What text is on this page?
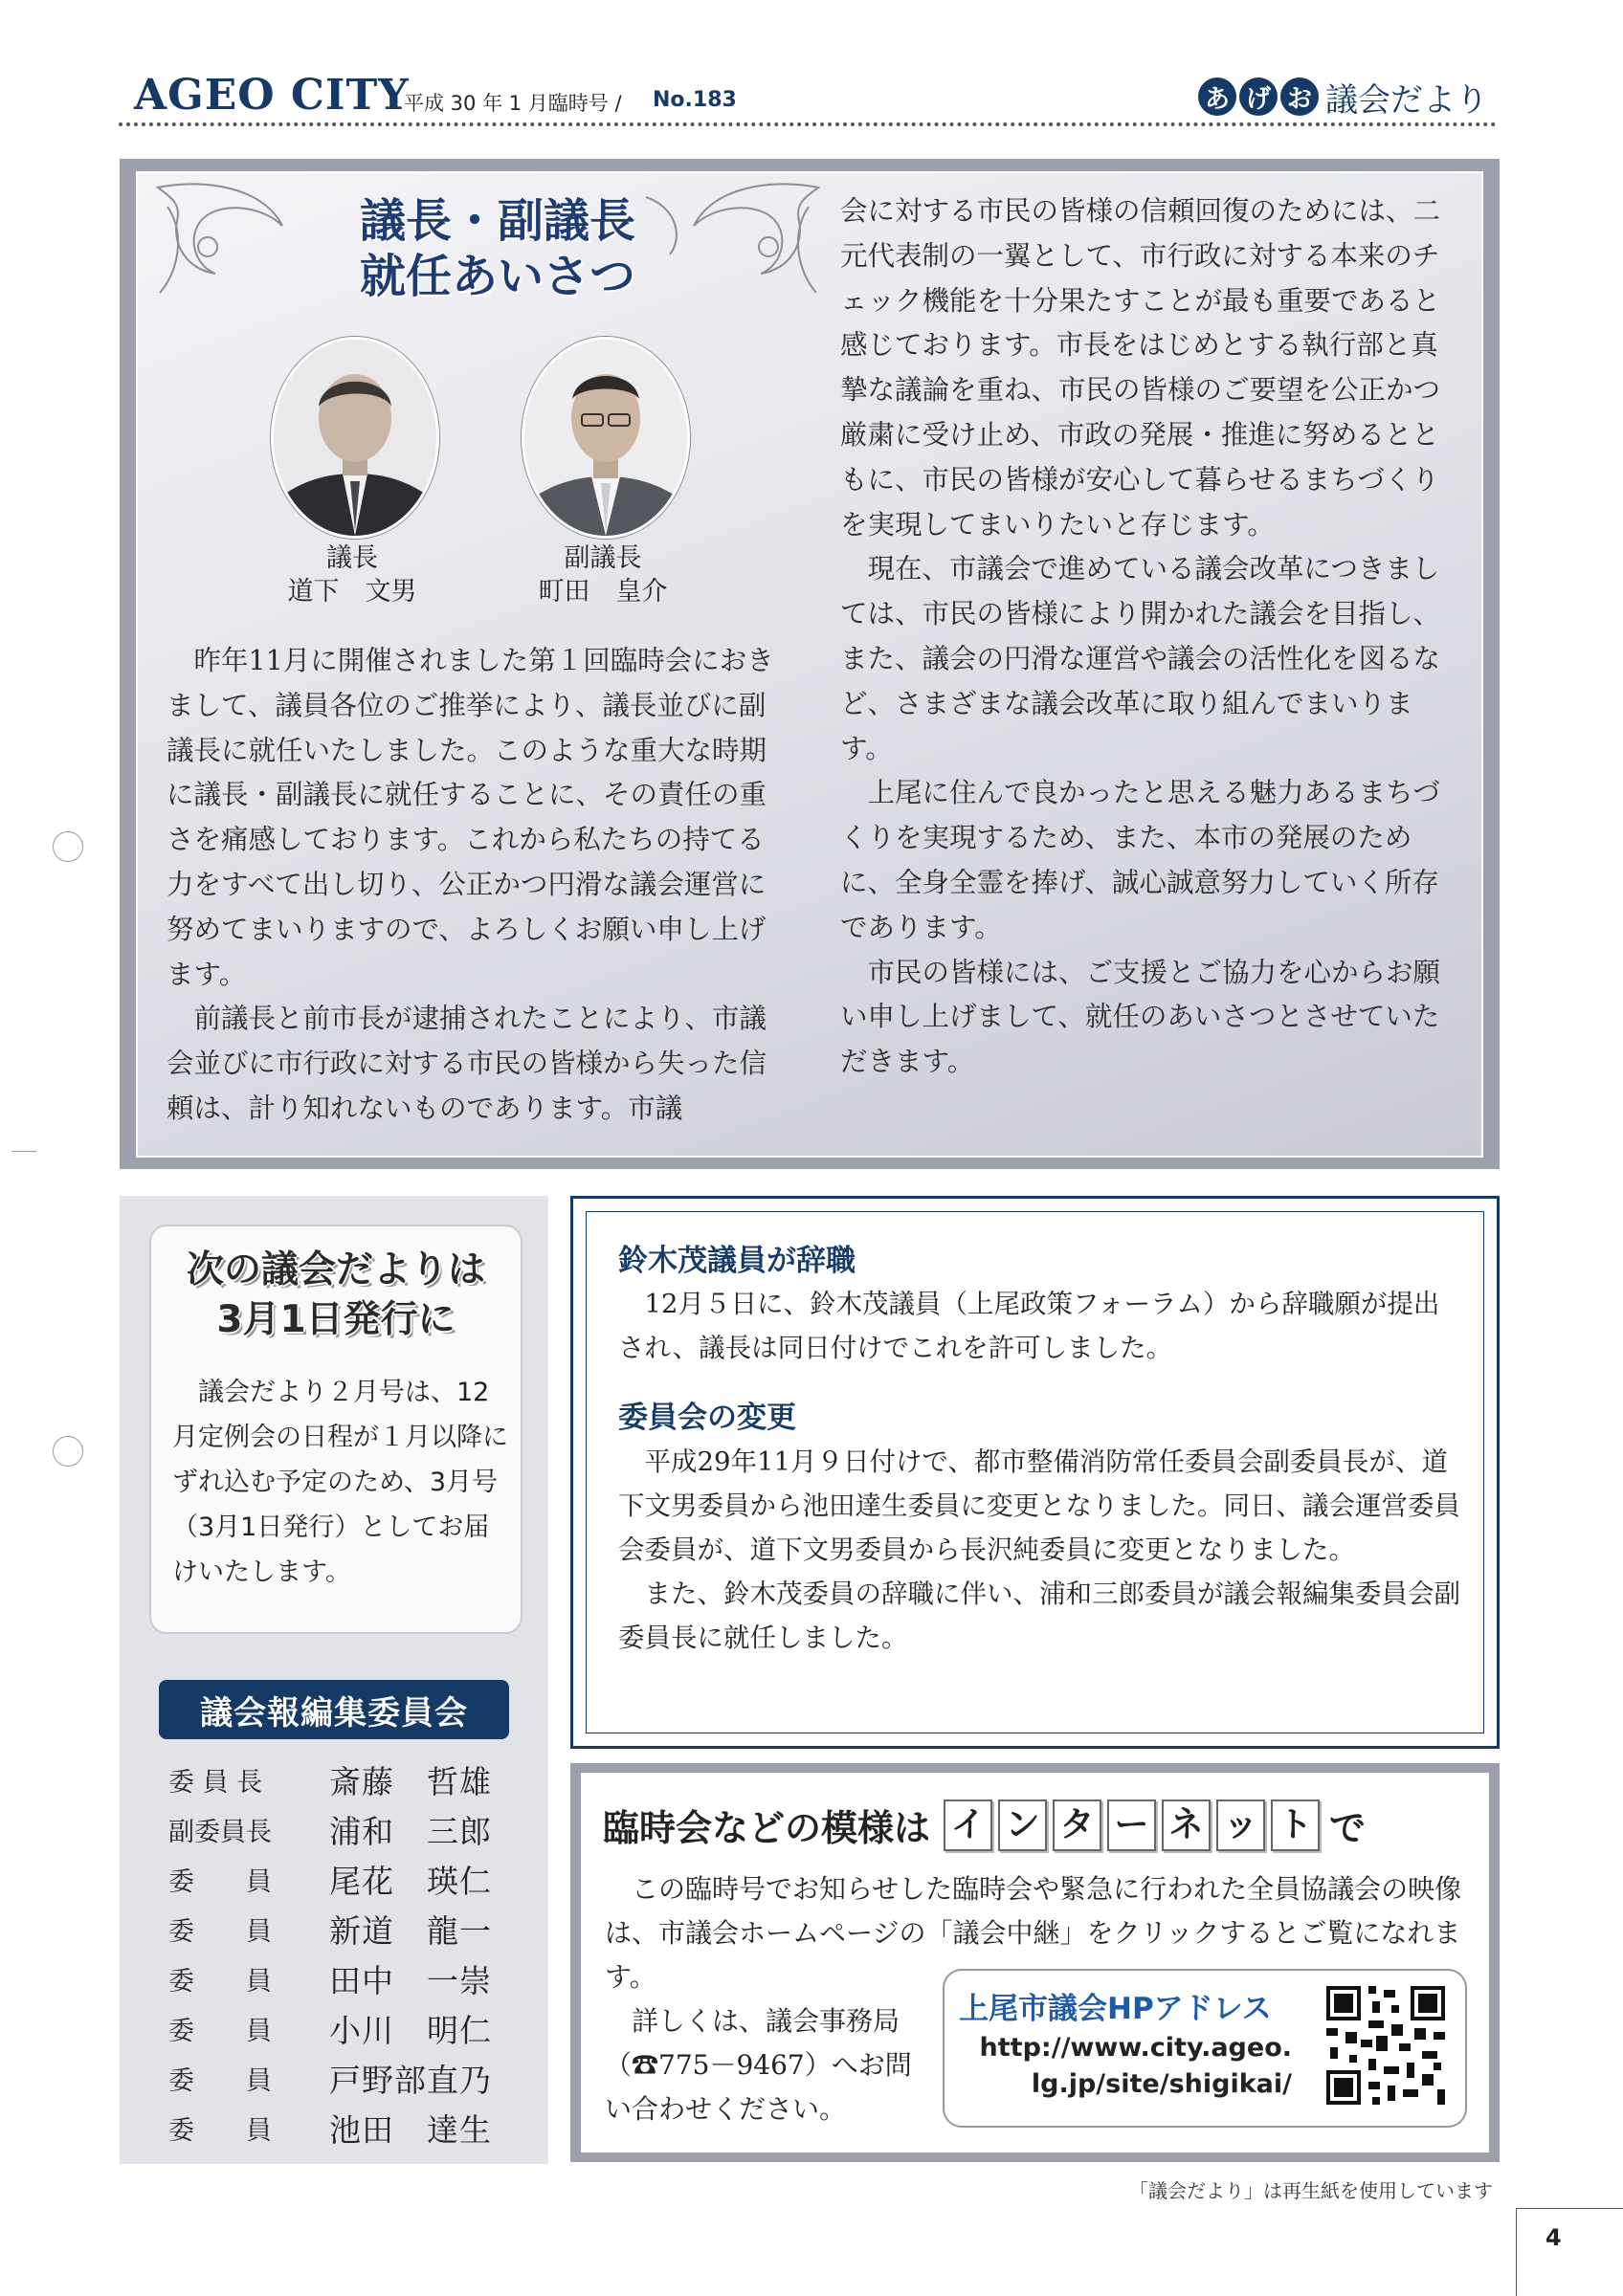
AGEO CITY
平成 30 年 1 月臨時号 / No.183	あ げ お 議会だより
議長・副議長
就任あいさつ
議長
道下　文男
副議長
町田　皇介

昨年11月に開催されました第１回臨時会におきまして、議員各位のご推挙により、議長並びに副議長に就任いたしました。このような重大な時期に議長・副議長に就任することに、その責任の重さを痛感しております。これから私たちの持てる力をすべて出し切り、公正かつ円滑な議会運営に努めてまいりますので、よろしくお願い申し上げます。

前議長と前市長が逮捕されたことにより、市議会並びに市行政に対する市民の皆様から失った信頼は、計り知れないものであります。市議

会に対する市民の皆様の信頼回復のためには、二元代表制の一翼として、市行政に対する本来のチェック機能を十分果たすことが最も重要であると感じております。市長をはじめとする執行部と真摯な議論を重ね、市民の皆様のご要望を公正かつ厳粛に受け止め、市政の発展・推進に努めるとともに、市民の皆様が安心して暮らせるまちづくりを実現してまいりたいと存じます。

現在、市議会で進めている議会改革につきましては、市民の皆様により開かれた議会を目指し、また、議会の円滑な運営や議会の活性化を図るなど、さまざまな議会改革に取り組んでまいります。

上尾に住んで良かったと思える魅力あるまちづくりを実現するため、また、本市の発展のために、全身全霊を捧げ、誠心誠意努力していく所存であります。

市民の皆様には、ご支援とご協力を心からお願い申し上げまして、就任のあいさつとさせていただきます。

次の議会だよりは
3月1日発行に

議会だより２月号は、12月定例会の日程が１月以降にずれ込む予定のため、3月号（3月1日発行）としてお届けいたします。

議会報編集委員会
委 員 長	斎藤　哲雄
副委員長	浦和　三郎
委　　員	尾花　瑛仁
委　　員	新道　龍一
委　　員	田中　一崇
委　　員	小川　明仁
委　　員	戸野部直乃
委　　員	池田　達生
鈴木茂議員が辞職

12月５日に、鈴木茂議員（上尾政策フォーラム）から辞職願が提出され、議長は同日付けでこれを許可しました。

委員会の変更

平成29年11月９日付けで、都市整備消防常任委員会副委員長が、道下文男委員から池田達生委員に変更となりました。同日、議会運営委員会委員が、道下文男委員から長沢純委員に変更となりました。

また、鈴木茂委員の辞職に伴い、浦和三郎委員が議会報編集委員会副委員長に就任しました。

臨時会などの模様は イ ン タ ー ネ ッ ト で

この臨時号でお知らせした臨時会や緊急に行われた全員協議会の映像は、市議会ホームページの「議会中継」をクリックするとご覧になれます。

詳しくは、議会事務局（☎775－9467）へお問い合わせください。

上尾市議会HPアドレス
http://www.city.ageo.
lg.jp/site/shigikai/
「議会だより」は再生紙を使用しています
4
